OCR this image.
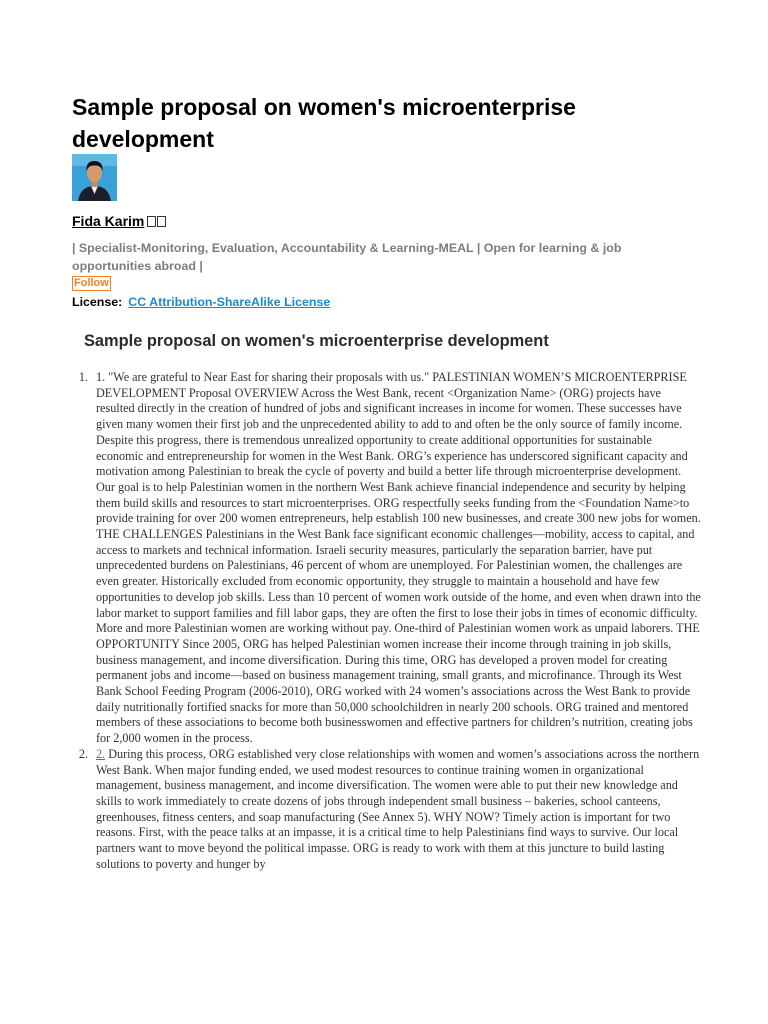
Sample proposal on women's microenterprise development
Fida Karim
| Specialist-Monitoring, Evaluation, Accountability & Learning-MEAL | Open for learning & job opportunities abroad |
Follow
License: CC Attribution-ShareAlike License
Sample proposal on women's microenterprise development
1. 1. "We are grateful to Near East for sharing their proposals with us." PALESTINIAN WOMEN’S MICROENTERPRISE DEVELOPMENT Proposal OVERVIEW Across the West Bank, recent <Organization Name> (ORG) projects have resulted directly in the creation of hundred of jobs and significant increases in income for women. These successes have given many women their first job and the unprecedented ability to add to and often be the only source of family income. Despite this progress, there is tremendous unrealized opportunity to create additional opportunities for sustainable economic and entrepreneurship for women in the West Bank. ORG’s experience has underscored significant capacity and motivation among Palestinian to break the cycle of poverty and build a better life through microenterprise development. Our goal is to help Palestinian women in the northern West Bank achieve financial independence and security by helping them build skills and resources to start microenterprises. ORG respectfully seeks funding from the <Foundation Name>to provide training for over 200 women entrepreneurs, help establish 100 new businesses, and create 300 new jobs for women. THE CHALLENGES Palestinians in the West Bank face significant economic challenges—mobility, access to capital, and access to markets and technical information. Israeli security measures, particularly the separation barrier, have put unprecedented burdens on Palestinians, 46 percent of whom are unemployed. For Palestinian women, the challenges are even greater. Historically excluded from economic opportunity, they struggle to maintain a household and have few opportunities to develop job skills. Less than 10 percent of women work outside of the home, and even when drawn into the labor market to support families and fill labor gaps, they are often the first to lose their jobs in times of economic difficulty. More and more Palestinian women are working without pay. One-third of Palestinian women work as unpaid laborers. THE OPPORTUNITY Since 2005, ORG has helped Palestinian women increase their income through training in job skills, business management, and income diversification. During this time, ORG has developed a proven model for creating permanent jobs and income—based on business management training, small grants, and microfinance. Through its West Bank School Feeding Program (2006-2010), ORG worked with 24 women’s associations across the West Bank to provide daily nutritionally fortified snacks for more than 50,000 schoolchildren in nearly 200 schools. ORG trained and mentored members of these associations to become both businesswomen and effective partners for children’s nutrition, creating jobs for 2,000 women in the process.
2. 2. During this process, ORG established very close relationships with women and women’s associations across the northern West Bank. When major funding ended, we used modest resources to continue training women in organizational management, business management, and income diversification. The women were able to put their new knowledge and skills to work immediately to create dozens of jobs through independent small business – bakeries, school canteens, greenhouses, fitness centers, and soap manufacturing (See Annex 5). WHY NOW? Timely action is important for two reasons. First, with the peace talks at an impasse, it is a critical time to help Palestinians find ways to survive. Our local partners want to move beyond the political impasse. ORG is ready to work with them at this juncture to build lasting solutions to poverty and hunger by
